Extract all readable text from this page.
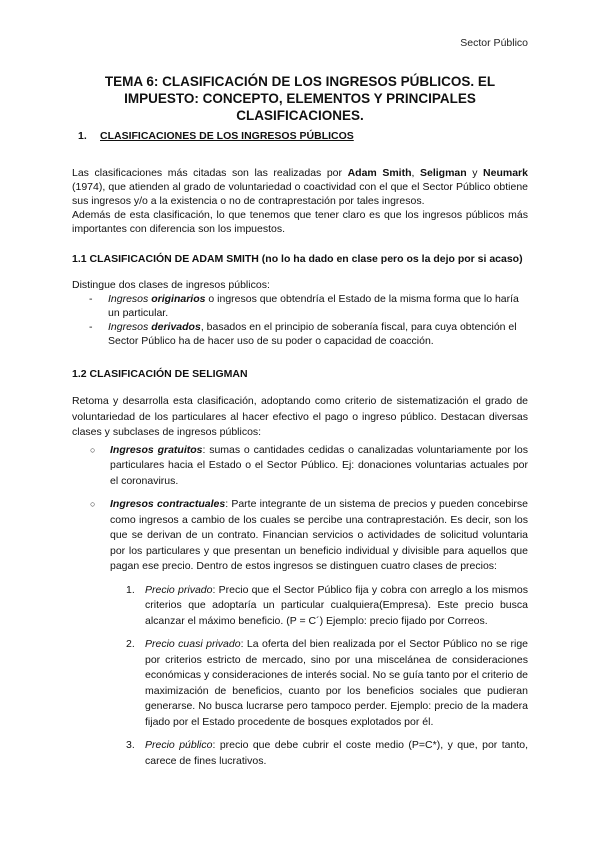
Sector Público
TEMA 6: CLASIFICACIÓN DE LOS INGRESOS PÚBLICOS. EL IMPUESTO: CONCEPTO, ELEMENTOS Y PRINCIPALES CLASIFICACIONES.
1. CLASIFICACIONES DE LOS INGRESOS PÚBLICOS

Las clasificaciones más citadas son las realizadas por Adam Smith, Seligman y Neumark (1974), que atienden al grado de voluntariedad o coactividad con el que el Sector Público obtiene sus ingresos y/o a la existencia o no de contraprestación por tales ingresos.

Además de esta clasificación, lo que tenemos que tener claro es que los ingresos públicos más importantes con diferencia son los impuestos.

1.1 CLASIFICACIÓN DE ADAM SMITH (no lo ha dado en clase pero os la dejo por si acaso)

Distingue dos clases de ingresos públicos:

- Ingresos originarios o ingresos que obtendría el Estado de la misma forma que lo haría un particular.
- Ingresos derivados, basados en el principio de soberanía fiscal, para cuya obtención el Sector Público ha de hacer uso de su poder o capacidad de coacción.
1.2 CLASIFICACIÓN DE SELIGMAN

Retoma y desarrolla esta clasificación, adoptando como criterio de sistematización el grado de voluntariedad de los particulares al hacer efectivo el pago o ingreso público. Destacan diversas clases y subclases de ingresos públicos:

○ Ingresos gratuitos: sumas o cantidades cedidas o canalizadas voluntariamente por los particulares hacia el Estado o el Sector Público. Ej: donaciones voluntarias actuales por el coronavirus.
○ Ingresos contractuales: Parte integrante de un sistema de precios y pueden concebirse como ingresos a cambio de los cuales se percibe una contraprestación. Es decir, son los que se derivan de un contrato. Financian servicios o actividades de solicitud voluntaria por los particulares y que presentan un beneficio individual y divisible para aquellos que pagan ese precio. Dentro de estos ingresos se distinguen cuatro clases de precios:
1. Precio privado: Precio que el Sector Público fija y cobra con arreglo a los mismos criterios que adoptaría un particular cualquiera(Empresa). Este precio busca alcanzar el máximo beneficio. (P = C´) Ejemplo: precio fijado por Correos.
2. Precio cuasi privado: La oferta del bien realizada por el Sector Público no se rige por criterios estricto de mercado, sino por una miscelánea de consideraciones económicas y consideraciones de interés social. No se guía tanto por el criterio de maximización de beneficios, cuanto por los beneficios sociales que pudieran generarse. No busca lucrarse pero tampoco perder. Ejemplo: precio de la madera fijado por el Estado procedente de bosques explotados por él.
3. Precio público: precio que debe cubrir el coste medio (P=C*), y que, por tanto, carece de fines lucrativos.
